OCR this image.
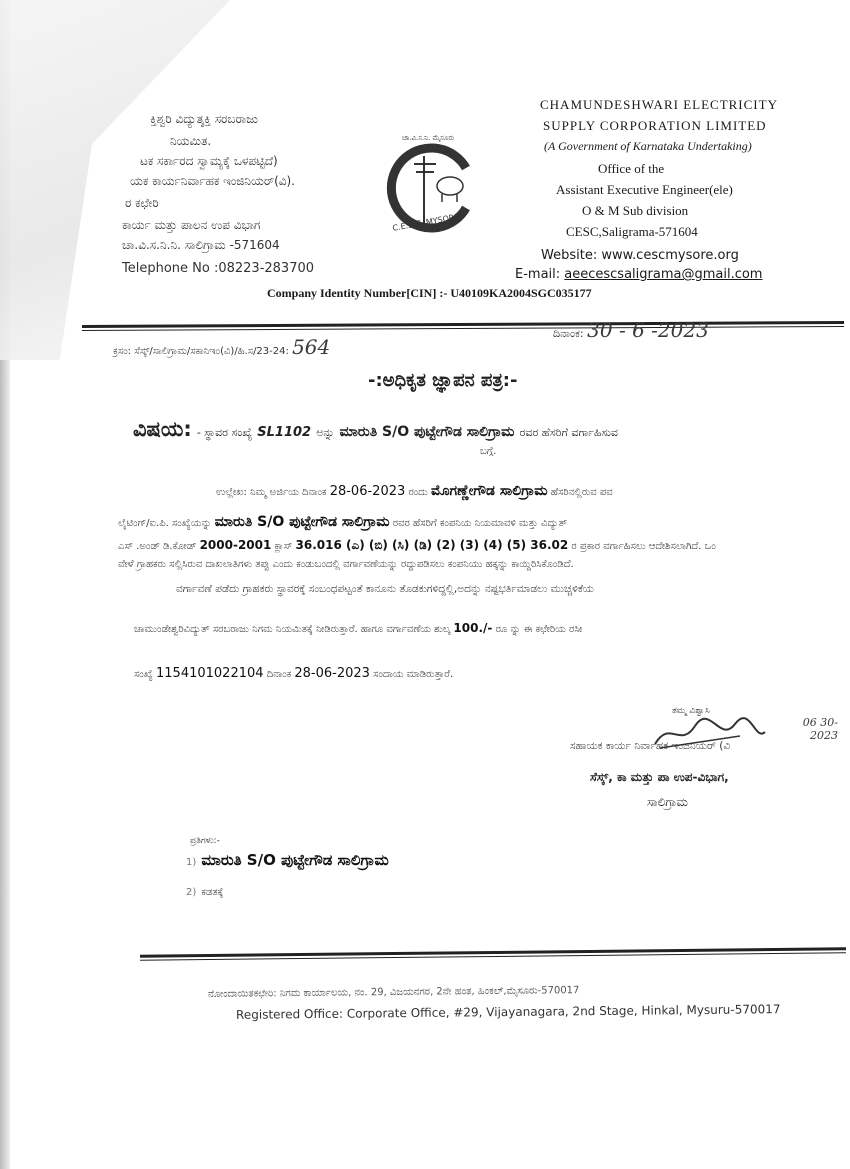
ಕ್ತಿಶ್ವರಿ ವಿದ್ಯುತ್ಶಕ್ತಿ ಸರಬರಾಜು
ನಿಯಮಿತ.
ಟಕ ಸರ್ಕಾರದ ಸ್ವಾಮ್ಯಕ್ಕೆ ಒಳಪಟ್ಟಿದೆ)
ಯಕ ಕಾರ್ಯನಿರ್ವಾಹಕ ಇಂಜಿನಿಯರ್(ವಿ).
ರ ಕಛೇರಿ
ಕಾರ್ಯ ಮತ್ತು ಪಾಲನ ಉಪ ವಿಭಾಗ
ಚಾ.ವಿ.ಸ.ನಿ.ನಿ. ಸಾಲಿಗ್ರಾಮ -571604
Telephone No :08223-283700
ಚಾ.ವಿ.ಸ.ನಿ. ಮೈಸೂರು
C.E.S.C. MYSORE
CHAMUNDESHWARI ELECTRICITY
SUPPLY CORPORATION LIMITED
(A Government of Karnataka Undertaking)
Office of the
Assistant Executive Engineer(ele)
O & M Sub division
CESC,Saligrama-571604
Website: www.cescmysore.org
E-mail: aeecescsaligrama@gmail.com
Company Identity Number[CIN] :- U40109KA2004SGC035177
ಕ್ರಸಂ: ಸೆಸ್ಕ್/ಸಾಲಿಗ್ರಾಮ/ಸಕಾನಿಇಂ(ವಿ)/ಹಿ.ಸ/23-24: 564
ದಿನಾಂಕ: 30 - 6 -2023
-:ಅಧಿಕೃತ ಜ್ಞಾಪನ ಪತ್ರ:-
ವಿಷಯ: - ಸ್ಥಾವರ ಸಂಖ್ಯೆ SL1102 ಅನ್ನು ಮಾರುತಿ S/O ಪುಟ್ಟೇಗೌಡ ಸಾಲಿಗ್ರಾಮ ರವರ ಹೆಸರಿಗೆ ವರ್ಗಾಹಿಸುವ
ಬಗ್ಗೆ.
ಉಲ್ಲೇಖ: ನಿಮ್ಮ ಅರ್ಜಿಯ ದಿನಾಂಕ 28-06-2023 ರಂದು ಮೊಗಣ್ಣೇಗೌಡ ಸಾಲಿಗ್ರಾಮ ಹೆಸರಿನಲ್ಲಿರುವ ಪವ
ಲೈಟಿಂಗ್/ಐ.ಪಿ. ಸಂಖ್ಯೆಯನ್ನು ಮಾರುತಿ S/O ಪುಟ್ಟೇಗೌಡ ಸಾಲಿಗ್ರಾಮ ರವರ ಹೆಸರಿಗೆ ಕಂಪನಿಯ ನಿಯಮಾವಳಿ ಮತ್ತು ವಿದ್ಯುತ್
ಎಸ್ .ಅಂಡ್ ಡಿ.ಕೋಡ್ 2000-2001 ಕ್ಲಾಸ್ 36.016 (ಎ) (ಬಿ) (ಸಿ) (ಡಿ) (2) (3) (4) (5) 36.02 ರ ಪ್ರಕಾರ ವರ್ಗಾಹಿಸಲು ಆದೇಶಿಸಲಾಗಿದೆ. ಒಂ
ವೇಳೆ ಗ್ರಾಹಕರು ಸಲ್ಲಿಸಿರುವ ದಾಖಲಾತಿಗಳು ತಪ್ಪು ಎಂದು ಕಂಡುಬಂದಲ್ಲಿ ವರ್ಗಾವಣೆಯನ್ನು ರದ್ದುಪಡಿಸಲು ಕಂಪನಿಯು ಹಕ್ಕನ್ನು ಕಾಯ್ದಿರಿಸಿಕೊಂಡಿದೆ.
ವರ್ಗಾವಣೆ ಪಡೆದು ಗ್ರಾಹಕರು ಸ್ಥಾವರಕ್ಕೆ ಸಂಬಂಧಪಟ್ಟಂತೆ ಕಾನೂನು ತೊಡಕುಗಳಿದ್ದಲ್ಲಿ,ಅದನ್ನು ನಷ್ಟಭರ್ತಿಮಾಡಲು ಮುಚ್ಚಳಿಕೆಯ
ಚಾಮುಂಡೇಶ್ವರಿವಿದ್ಯುತ್ ಸರಬರಾಜು ನಿಗಮ ನಿಯಮಿತಕ್ಕೆ ನೀಡಿರುತ್ತಾರೆ. ಹಾಗೂ ವರ್ಗಾವಣೆಯ ಶುಲ್ಕ 100./- ರೂ ನ್ನು ಈ ಕಛೇರಿಯ ರಸೀ
ಸಂಖ್ಯೆ 1154101022104 ದಿನಾಂಕ 28-06-2023 ಸಂದಾಯ ಮಾಡಿರುತ್ತಾರೆ.
ತಮ್ಮ ವಿಶ್ವಾಸಿ
06 30-2023
ಸಹಾಯಕ ಕಾರ್ಯ ನಿರ್ವಾಹಕ ಇಂಜಿನಿಯರ್ (ವಿ
ಸೆಸ್ಕ್, ಕಾ ಮತ್ತು ಪಾ ಉಪ-ವಿಭಾಗ,
ಸಾಲಿಗ್ರಾಮ
ಪ್ರತಿಗಳು:-
1) ಮಾರುತಿ S/O ಪುಟ್ಟೇಗೌಡ ಸಾಲಿಗ್ರಾಮ
2) ಕಡತಕ್ಕೆ
ನೋಂದಾಯಿತಕಛೇರಿ: ನಿಗಮ ಕಾರ್ಯಾಲಯ, ನಂ. 29, ವಿಜಯನಗರ, 2ನೇ ಹಂತ, ಹಿಂಕಲ್,ಮೈಸೂರು-570017
Registered Office: Corporate Office, #29, Vijayanagara, 2nd Stage, Hinkal, Mysuru-570017
